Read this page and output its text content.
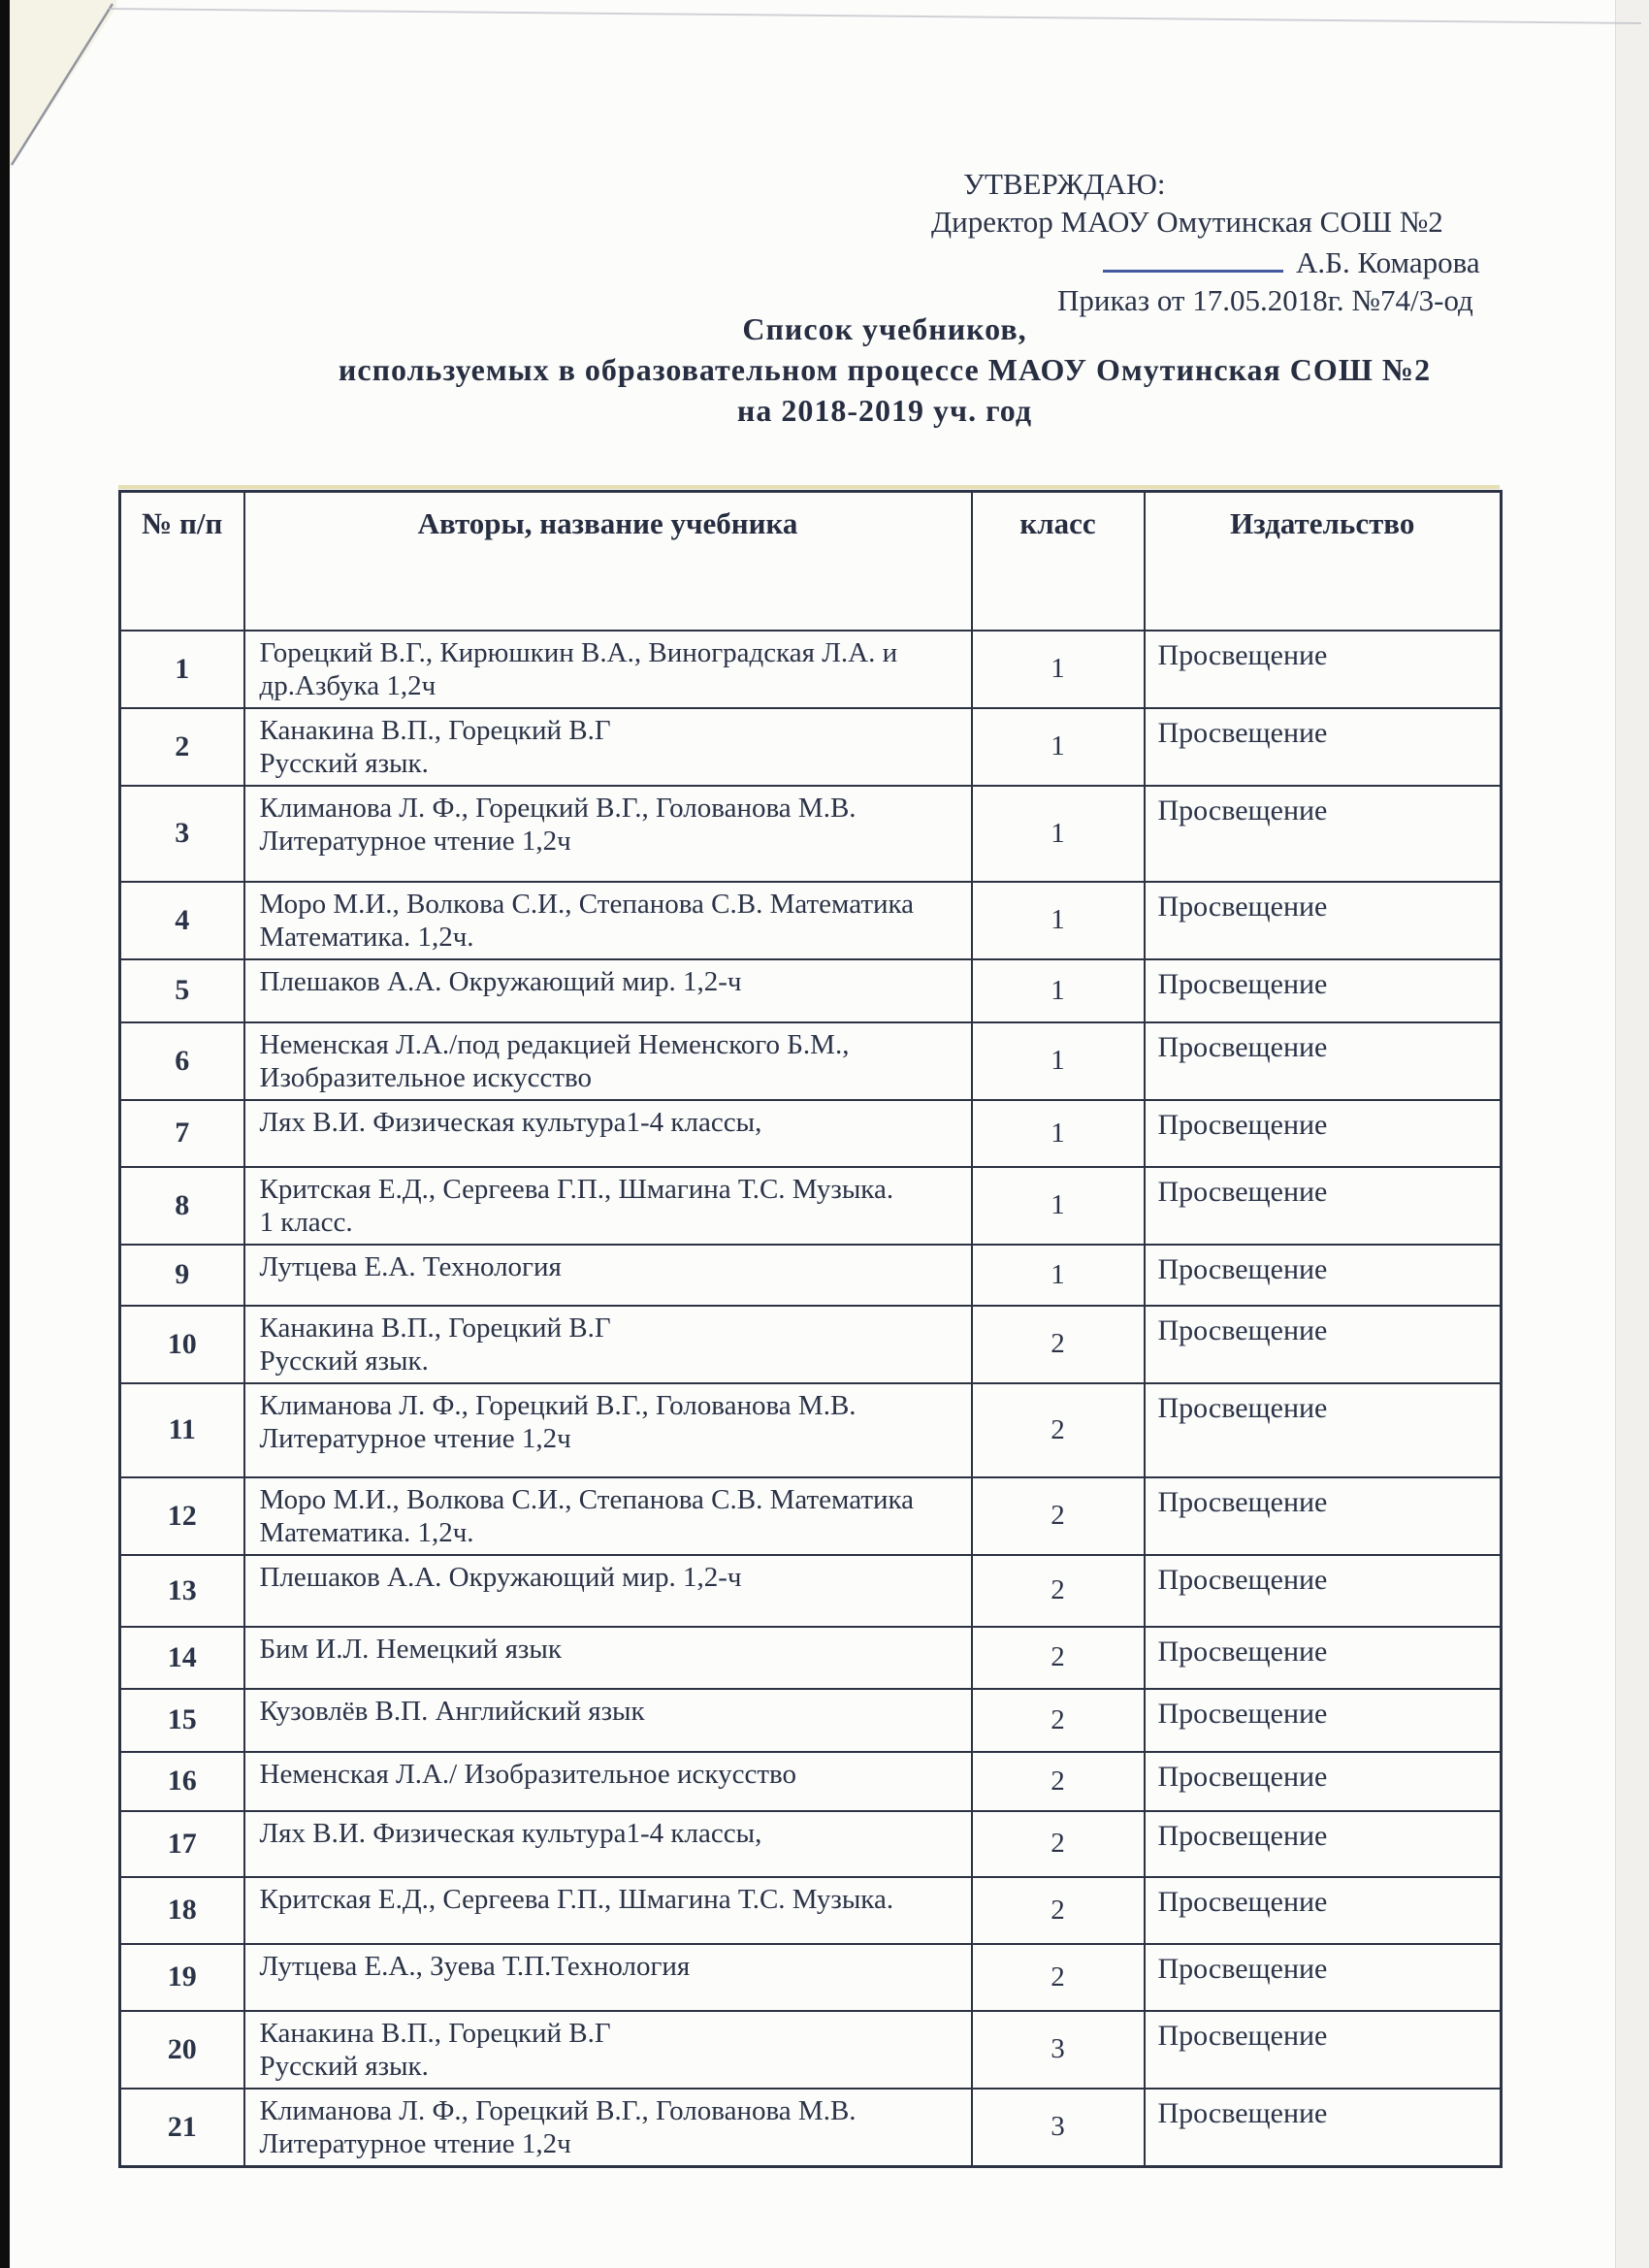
УТВЕРЖДАЮ:
Директор МАОУ Омутинская СОШ №2
А.Б. Комарова
Приказ от 17.05.2018г. №74/3-од
Список учебников,
используемых в образовательном процессе МАОУ Омутинская СОШ №2
на 2018-2019 уч. год
№ п/п	Авторы, название учебника	класс	Издательство
1	Горецкий В.Г., Кирюшкин В.А., Виноградская Л.А. и
др.Азбука 1,2ч	1	Просвещение
2	Канакина В.П., Горецкий В.Г
Русский язык.	1	Просвещение
3	Климанова Л. Ф., Горецкий В.Г., Голованова М.В.
Литературное чтение 1,2ч	1	Просвещение
4	Моро М.И., Волкова С.И., Степанова С.В. Математика
Математика. 1,2ч.	1	Просвещение
5	Плешаков А.А. Окружающий мир. 1,2-ч	1	Просвещение
6	Неменская Л.А./под редакцией Неменского Б.М.,
Изобразительное искусство	1	Просвещение
7	Лях В.И. Физическая культура1-4 классы,	1	Просвещение
8	Критская Е.Д., Сергеева Г.П., Шмагина Т.С. Музыка.
1 класс.	1	Просвещение
9	Лутцева Е.А. Технология	1	Просвещение
10	Канакина В.П., Горецкий В.Г
Русский язык.	2	Просвещение
11	Климанова Л. Ф., Горецкий В.Г., Голованова М.В.
Литературное чтение 1,2ч	2	Просвещение
12	Моро М.И., Волкова С.И., Степанова С.В. Математика
Математика. 1,2ч.	2	Просвещение
13	Плешаков А.А. Окружающий мир. 1,2-ч	2	Просвещение
14	Бим И.Л. Немецкий язык	2	Просвещение
15	Кузовлёв В.П. Английский язык	2	Просвещение
16	Неменская Л.А./ Изобразительное искусство	2	Просвещение
17	Лях В.И. Физическая культура1-4 классы,	2	Просвещение
18	Критская Е.Д., Сергеева Г.П., Шмагина Т.С. Музыка.	2	Просвещение
19	Лутцева Е.А., Зуева Т.П.Технология	2	Просвещение
20	Канакина В.П., Горецкий В.Г
Русский язык.	3	Просвещение
21	Климанова Л. Ф., Горецкий В.Г., Голованова М.В.
Литературное чтение 1,2ч	3	Просвещение
